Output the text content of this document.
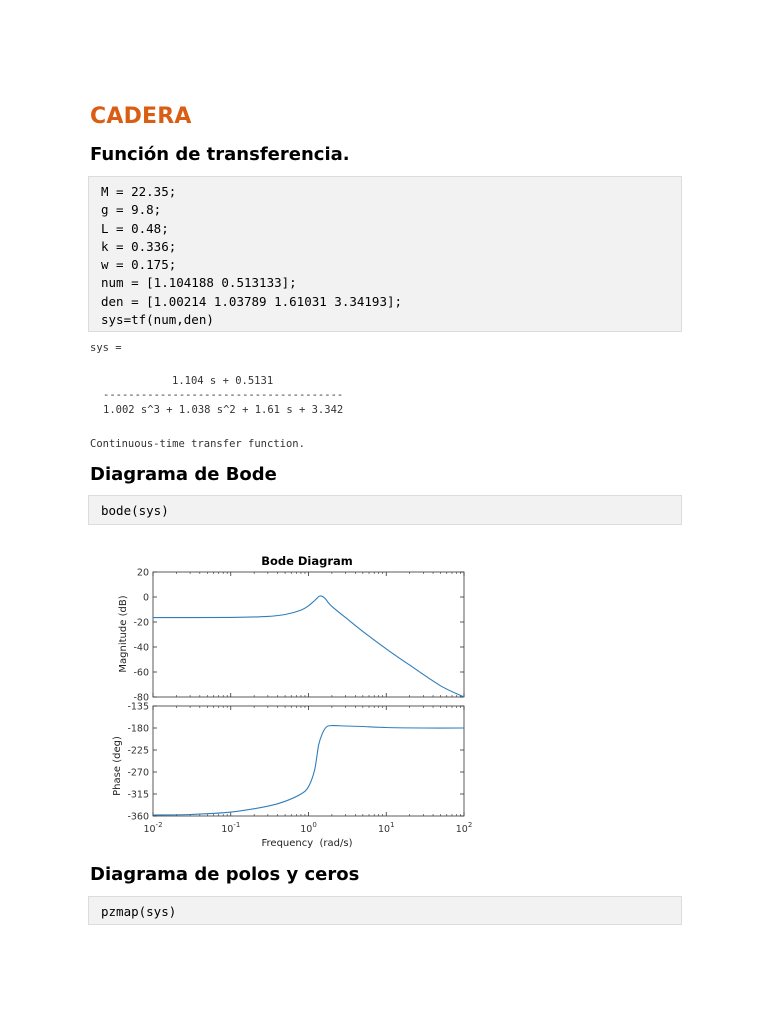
CADERA
Función de transferencia.
M = 22.35;
g = 9.8;
L = 0.48;
k = 0.336;
w = 0.175;
num = [1.104188 0.513133];
den = [1.00214 1.03789 1.61031 3.34193];
sys=tf(num,den)
sys =
1.104 s + 0.5131
--------------------------------------
1.002 s^3 + 1.038 s^2 + 1.61 s + 3.342
Continuous-time transfer function.
Diagrama de Bode
bode(sys)
Bode Diagram
Magnitude (dB)
Phase (deg)
Frequency  (rad/s)
20
0
-20
-40
-60
-80
-135
-180
-225
-270
-315
-360
$10^{-2}$	$10^{-1}$	$10^0$	$10^1$	$10^2$
Diagrama de polos y ceros
pzmap(sys)
